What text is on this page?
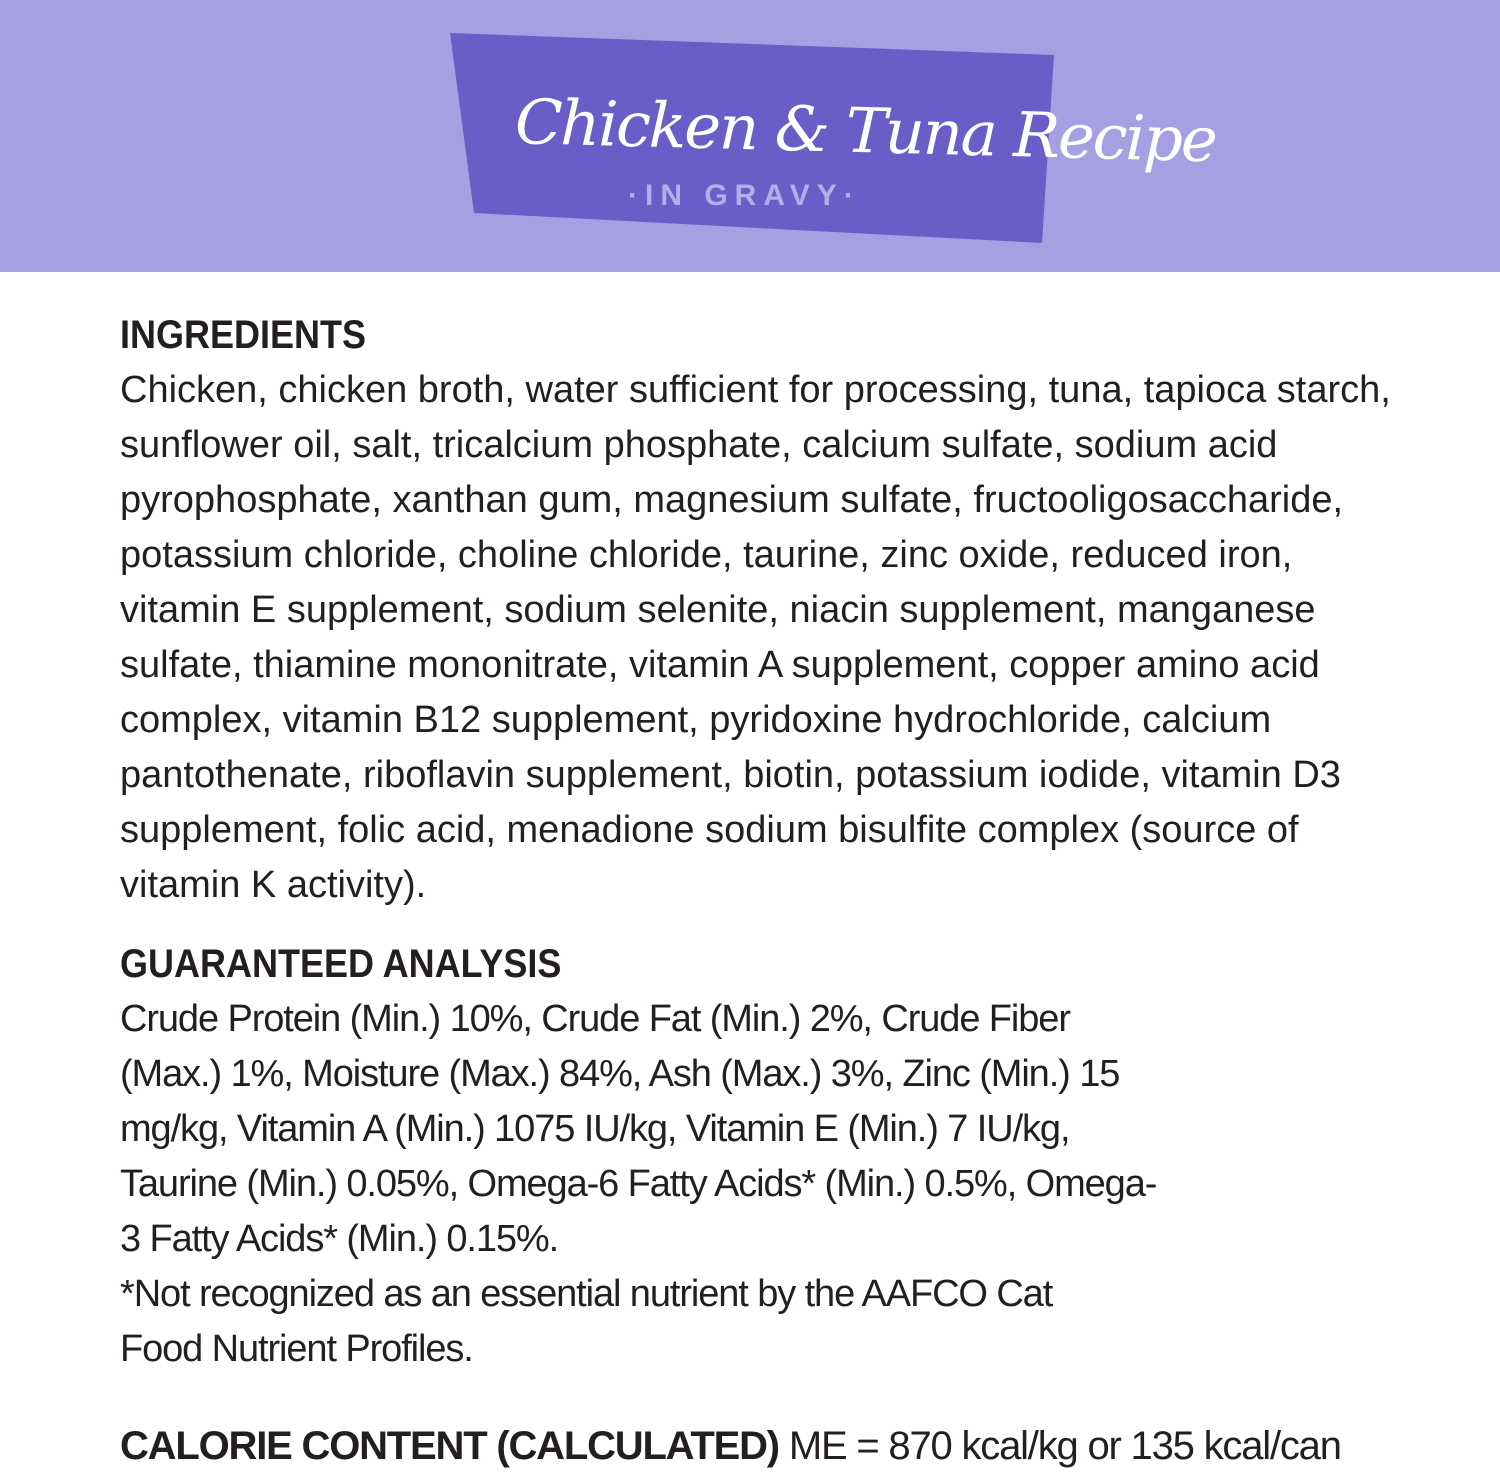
Chicken & Tuna Recipe
·IN GRAVY·
INGREDIENTS

Chicken, chicken broth, water sufficient for processing, tuna, tapioca starch, sunflower oil, salt, tricalcium phosphate, calcium sulfate, sodium acid pyrophosphate, xanthan gum, magnesium sulfate, fructooligosaccharide, potassium chloride, choline chloride, taurine, zinc oxide, reduced iron, vitamin E supplement, sodium selenite, niacin supplement, manganese sulfate, thiamine mononitrate, vitamin A supplement, copper amino acid complex, vitamin B12 supplement, pyridoxine hydrochloride, calcium pantothenate, riboflavin supplement, biotin, potassium iodide, vitamin D3 supplement, folic acid, menadione sodium bisulfite complex (source of vitamin K activity).

GUARANTEED ANALYSIS

Crude Protein (Min.) 10%, Crude Fat (Min.) 2%, Crude Fiber (Max.) 1%, Moisture (Max.) 84%, Ash (Max.) 3%, Zinc (Min.) 15 mg/kg, Vitamin A (Min.) 1075 IU/kg, Vitamin E (Min.) 7 IU/kg, Taurine (Min.) 0.05%, Omega-6 Fatty Acids* (Min.) 0.5%, Omega-3 Fatty Acids* (Min.) 0.15%.

*Not recognized as an essential nutrient by the AAFCO Cat Food Nutrient Profiles.

CALORIE CONTENT (CALCULATED) ME = 870 kcal/kg or 135 kcal/can
